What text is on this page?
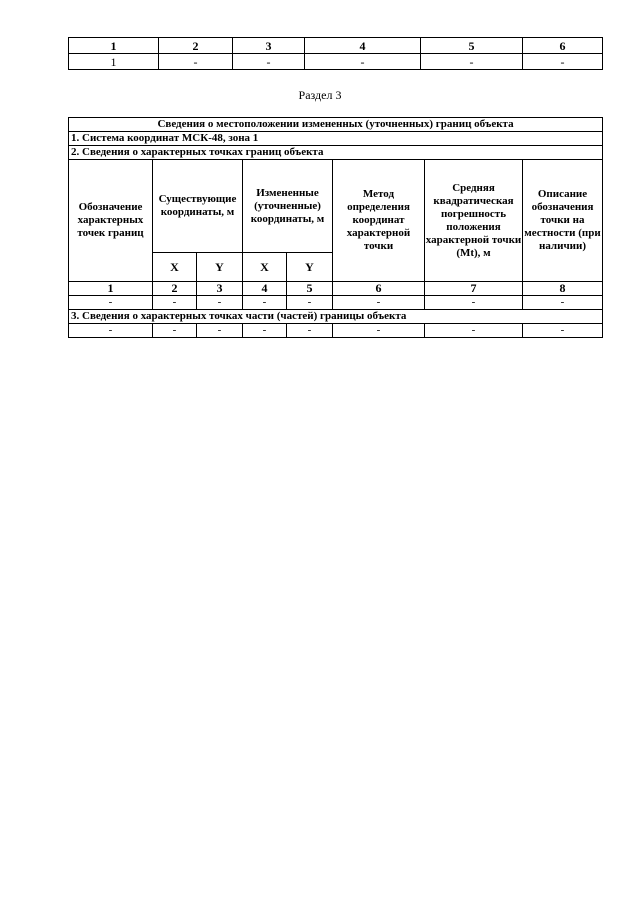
1	2	3	4	5	6
1	-	-	-	-	-
Раздел 3
Сведения о местоположении измененных (уточненных) границ объекта							
1. Система координат МСК-48, зона 1							
2. Сведения о характерных точках границ объекта							
Обозначение характерных точек границ	Существующие координаты, м		Измененные (уточненные) координаты, м		Метод определения координат характерной точки	Средняя квадратическая погрешность положения характерной точки (Mt), м	Описание обозначения точки на местности (при наличии)
	X	Y	X	Y			
1	2	3	4	5	6	7	8
-	-	-	-	-	-	-	-
3. Сведения о характерных точках части (частей) границы объекта							
-	-	-	-	-	-	-	-
